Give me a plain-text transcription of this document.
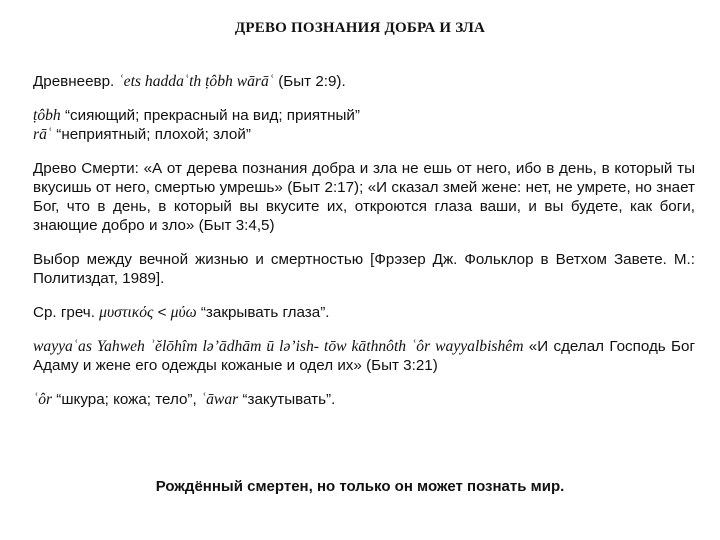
ДРЕВО ПОЗНАНИЯ ДОБРА И ЗЛА

Древнеевр. ʿets haddaʿth ṭôbh wārāʿ (Быт 2:9).

ṭôbh “сияющий; прекрасный на вид; приятный”
rāʿ “неприятный; плохой; злой”

Древо Смерти: «А от дерева познания добра и зла не ешь от него, ибо в день, в который ты вкусишь от него, смертью умрешь» (Быт 2:17); «И сказал змей жене: нет, не умрете, но знает Бог, что в день, в который вы вкусите их, откроются глаза ваши, и вы будете, как боги, знающие добро и зло» (Быт 3:4,5)

Выбор между вечной жизнью и смертностью [Фрэзер Дж. Фольклор в Ветхом Завете. М.: Политиздат, 1989].

Ср. греч. μυστικός < μύω “закрывать глаза”.

wayyaʿas Yahweh ʾĕlōhîm lə’ādhām ū lə’ish- tōw kāthnôth ʿôr wayyalbishêm «И сделал Господь Бог Адаму и жене его одежды кожаные и одел их» (Быт 3:21)

ʿôr “шкура; кожа; тело”, ʿāwar “закутывать”.

Рождённый смертен, но только он может познать мир.
